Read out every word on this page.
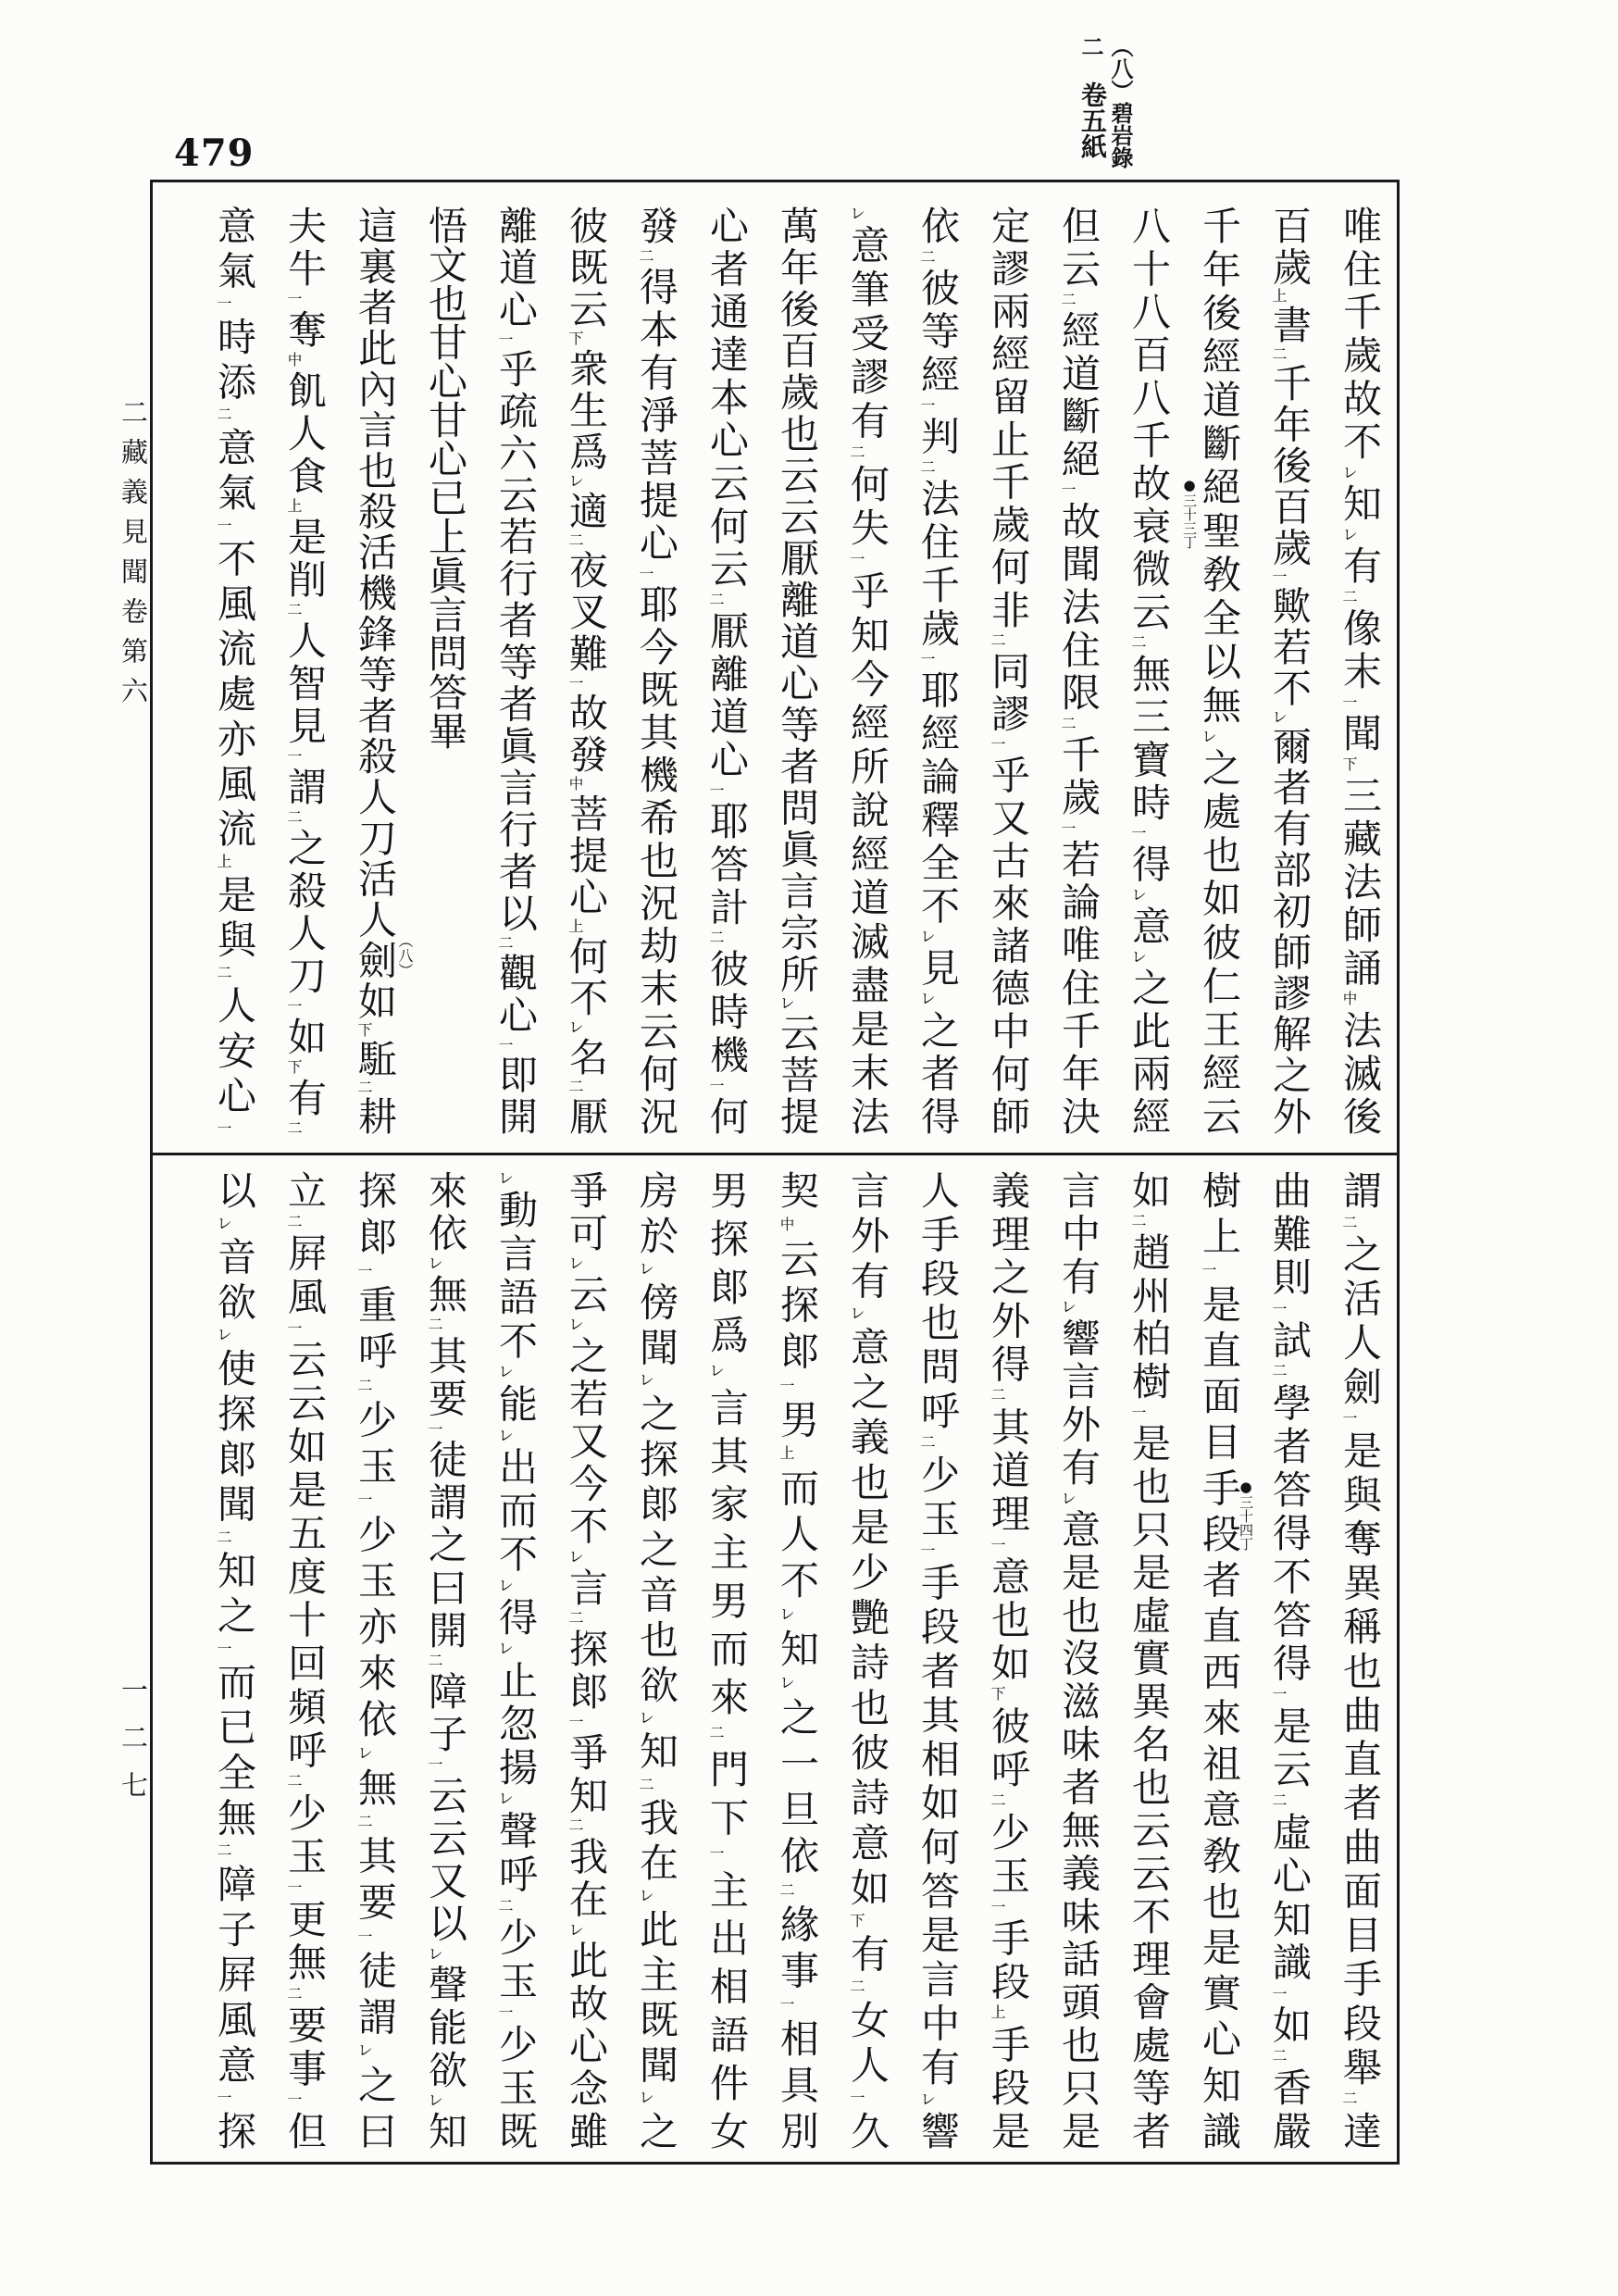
479	（八）碧岩錄二
卷五紙
二藏義見聞卷第六
一二七
唯住千歲故不㆑知㆑有㆓像末㆒聞㆘三藏法師誦㆗法滅後
百歲㆖書㆓千年後百歲㆒歟若不㆑爾者有部初師謬解之外
千年後經道斷絕聖敎全以無㆑之處也如彼仁王經云
八十八百八千故衰微云㆓無三寶時㆒得㆑意㆑之此兩經
但云㆓經道斷絕㆒故聞法住限㆓千歲㆒若論唯住千年決
定謬兩經留止千歲何非㆓同謬㆒乎又古來諸德中何師
依㆓彼等經㆒判㆓法住千歲㆒耶經論釋全不㆑見㆑之者得
㆑意筆受謬有㆓何失㆒乎知今經所說經道滅盡是末法
萬年後百歲也云云厭離道心等者問眞言宗所㆑云菩提
心者通達本心云何云㆓厭離道心㆒耶答計㆓彼時機㆒何
發㆓得本有淨菩提心㆒耶今既其機希也況劫末云何況
彼既云㆘衆生爲㆑適㆓夜叉難㆒故發㆗菩提心㆖何不㆑名㆓厭
離道心㆒乎疏六云若行者等者眞言行者以㆓觀心㆒即開
悟文也甘心甘心已上眞言問答畢
這裏者此內言也殺活機鋒等者殺人刀活人劍如㆘駈㆓耕
夫牛㆒奪㆗飢人食㆖是削㆓人智見㆒謂㆓之殺人刀㆒如㆘有㆓
意氣㆒時添㆓意氣㆒不風流處亦風流㆖是與㆓人安心㆒
謂㆓之活人劍㆒是與奪異稱也曲直者曲面目手段舉㆓達
曲難則㆒試㆓學者答得不答得㆒是云㆓虛心知識㆒如㆓香嚴
樹上㆒是直面目手段者直西來祖意敎也是實心知識
如㆓趙州柏樹㆒是也只是虛實異名也云云不理會處等者
言中有㆑響言外有㆑意是也沒滋味者無義味話頭也只是
義理之外得㆓其道理㆒意也如㆘彼呼㆓少玉㆒手段㆖手段是
人手段也問呼㆓少玉㆒手段者其相如何答是言中有㆑響
言外有㆑意之義也是少艷詩也彼詩意如㆘有㆓女人㆒久
契㆗云探郞㆒男㆖而人不㆑知㆑之一旦依㆓緣事㆒相具別
男探郞爲㆑言其家主男而來㆓門下㆒主出相語件女
房於㆑傍聞㆑之探郞之音也欲㆑知㆓我在㆑此主既聞㆑之
爭可㆑云㆑之若又今不㆑言㆓探郞㆒爭知㆓我在㆑此故心念雖
㆑動言語不㆑能㆑出而不㆑得㆑止忽揚㆑聲呼㆓少玉㆒少玉既
來依㆑無㆓其要㆒徒謂之曰開㆓障子㆒云云又以㆑聲能欲㆑知
探郞㆒重呼㆓少玉㆒少玉亦來依㆑無㆓其要㆒徒謂㆑之曰
立㆓屛風㆒云云如是五度十回頻呼㆓少玉㆒更無㆓要事㆒但
以㆑音欲㆑使探郞聞㆓知之㆒而已全無㆓障子屛風意㆒探
●三十三丁
●三十四丁
（八）
